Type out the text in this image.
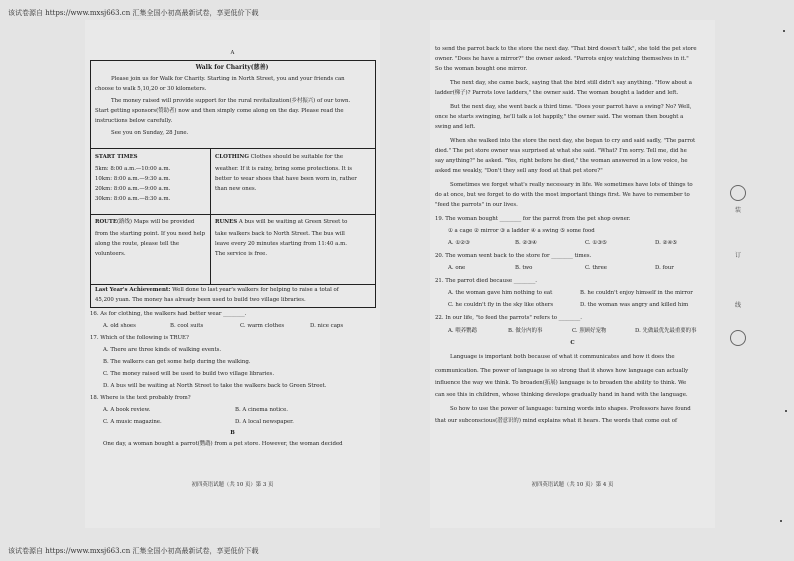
该试卷源自 https://www.mxsj663.cn 汇集全国小初高最新试卷，享更低价下载
A
Walk for Charity(慈善)
Please join us for Walk for Charity. Starting in North Street, you and your friends can
choose to walk 5,10,20 or 30 kilometers.
The money raised will provide support for the rural revitalization(乡村振兴) of our town.
Start getting sponsors(赞助者) now and then simply come along on the day. Please read the
instructions below carefully.
See you on Sunday, 28 June.
START TIMES
5km: 8:00 a.m.—10:00 a.m.
10km: 8:00 a.m.—9:30 a.m.
20km: 8:00 a.m.—9:00 a.m.
30km: 8:00 a.m.—8:30 a.m.
CLOTHING Clothes should be suitable for the
weather. If it is rainy, bring some protections. It is
better to wear shoes that have been worn in, rather
than new ones.
ROUTE(路线) Maps will be provided
from the starting point. If you need help
along the route, please tell the
volunteers.
RUNES A bus will be waiting at Green Street to
take walkers back to North Street. The bus will
leave every 20 minutes starting from 11:40 a.m.
The service is free.
Last Year's Achievement: Well done to last year's walkers for helping to raise a total of
45,200 yuan. The money has already been used to build two village libraries.
16. As for clothing, the walkers had better wear ________.
A. old shoes	B. cool suits	C. warm clothes	D. nice caps
17. Which of the following is TRUE?
A. There are three kinds of walking events.
B. The walkers can get some help during the walking.
C. The money raised will be used to build two village libraries.
D. A bus will be waiting at North Street to take the walkers back to Green Street.
18. Where is the text probably from?
A. A book review.	B. A cinema notice.
C. A music magazine.	D. A local newspaper.
B
One day, a woman bought a parrot(鹦鹉) from a pet store. However, the woman decided
初四英语试题（共 10 页）第 3 页
to send the parrot back to the store the next day. "That bird doesn't talk", she told the pet store
owner. "Does he have a mirror?" the owner asked. "Parrots enjoy watching themselves in it."
So the woman bought one mirror.
The next day, she came back, saying that the bird still didn't say anything. "How about a
ladder(梯子)? Parrots love ladders," the owner said. The woman bought a ladder and left.
But the next day, she went back a third time. "Does your parrot have a swing? No? Well,
once he starts swinging, he'll talk a lot happily," the owner said. The woman then bought a
swing and left.
When she walked into the store the next day, she began to cry and said sadly, "The parrot
died." The pet store owner was surprised at what she said. "What? I'm sorry. Tell me, did he
say anything?" he asked. "Yes, right before he died," the woman answered in a low voice, he
asked me weakly, "Don't they sell any food at that pet store?"
Sometimes we forget what's really necessary in life. We sometimes have lots of things to
do at once, but we forget to do with the most important things first. We have to remember to
"feed the parrots" in our lives.
19. The woman bought ________ for the parrot from the pet shop owner.
① a cage ② mirror ③ a ladder ④ a swing ⑤ some food
A. ①②③	B. ②③④	C. ①③⑤	D. ②④⑤
20. The woman went back to the store for ________ times.
A. one	B. two	C. three	D. four
21. The parrot died because ________.
A. the woman gave him nothing to eat	B. he couldn't enjoy himself in the mirror
C. he couldn't fly in the sky like others	D. the woman was angry and killed him
22. In our life, "to feed the parrots" refers to ________.
A. 喂养鹦鹉	B. 做分内的事	C. 照顾好宠物	D. 先做最优先最重要的事
C
Language is important both because of what it communicates and how it does the
communication. The power of language is so strong that it shows how language can actually
influence the way we think. To broaden(拓展) language is to broaden the ability to think. We
can see this in children, whose thinking develops gradually hand in hand with the language.
So how to use the power of language: turning words into shapes. Professors have found
that our subconscious(潜意识的) mind explains what it hears. The words that come out of
初四英语试题（共 10 页）第 4 页
装
订
线
该试卷源自 https://www.mxsj663.cn 汇集全国小初高最新试卷，享更低价下载
